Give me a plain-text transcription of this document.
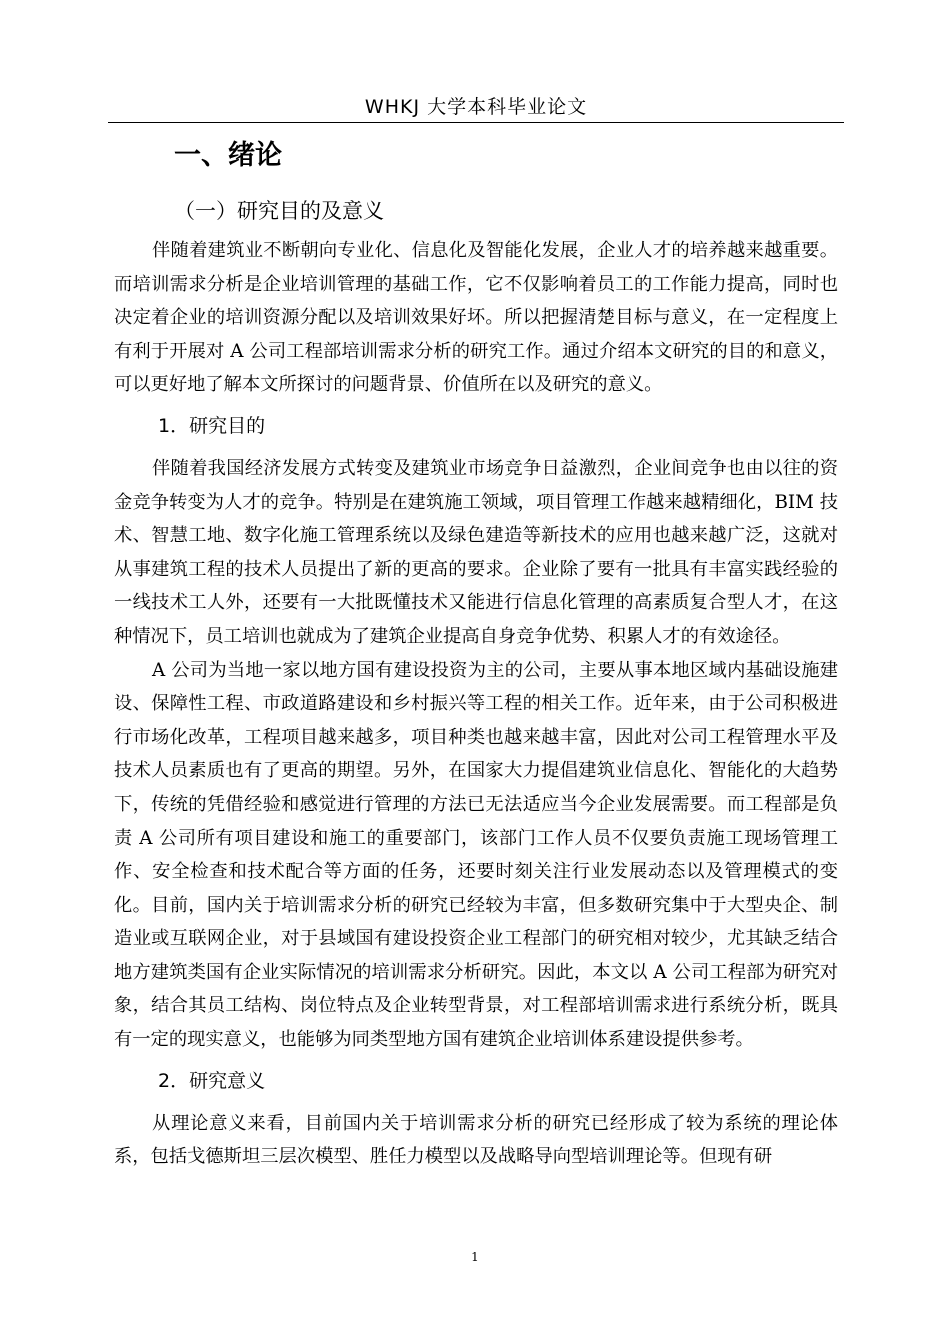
WHKJ 大学本科毕业论文
一、绪论
（一）研究目的及意义

伴随着建筑业不断朝向专业化、信息化及智能化发展，企业人才的培养越来越重要。而培训需求分析是企业培训管理的基础工作，它不仅影响着员工的工作能力提高，同时也决定着企业的培训资源分配以及培训效果好坏。所以把握清楚目标与意义，在一定程度上有利于开展对 A 公司工程部培训需求分析的研究工作。通过介绍本文研究的目的和意义，可以更好地了解本文所探讨的问题背景、价值所在以及研究的意义。

1．研究目的

伴随着我国经济发展方式转变及建筑业市场竞争日益激烈，企业间竞争也由以往的资金竞争转变为人才的竞争。特别是在建筑施工领域，项目管理工作越来越精细化，BIM 技术、智慧工地、数字化施工管理系统以及绿色建造等新技术的应用也越来越广泛，这就对从事建筑工程的技术人员提出了新的更高的要求。企业除了要有一批具有丰富实践经验的一线技术工人外，还要有一大批既懂技术又能进行信息化管理的高素质复合型人才，在这种情况下，员工培训也就成为了建筑企业提高自身竞争优势、积累人才的有效途径。

A 公司为当地一家以地方国有建设投资为主的公司，主要从事本地区域内基础设施建设、保障性工程、市政道路建设和乡村振兴等工程的相关工作。近年来，由于公司积极进行市场化改革，工程项目越来越多，项目种类也越来越丰富，因此对公司工程管理水平及技术人员素质也有了更高的期望。另外，在国家大力提倡建筑业信息化、智能化的大趋势下，传统的凭借经验和感觉进行管理的方法已无法适应当今企业发展需要。而工程部是负责 A 公司所有项目建设和施工的重要部门，该部门工作人员不仅要负责施工现场管理工作、安全检查和技术配合等方面的任务，还要时刻关注行业发展动态以及管理模式的变化。目前，国内关于培训需求分析的研究已经较为丰富，但多数研究集中于大型央企、制造业或互联网企业，对于县域国有建设投资企业工程部门的研究相对较少，尤其缺乏结合地方建筑类国有企业实际情况的培训需求分析研究。因此，本文以 A 公司工程部为研究对象，结合其员工结构、岗位特点及企业转型背景，对工程部培训需求进行系统分析，既具有一定的现实意义，也能够为同类型地方国有建筑企业培训体系建设提供参考。

2．研究意义

从理论意义来看，目前国内关于培训需求分析的研究已经形成了较为系统的理论体系，包括戈德斯坦三层次模型、胜任力模型以及战略导向型培训理论等。但现有研

1
